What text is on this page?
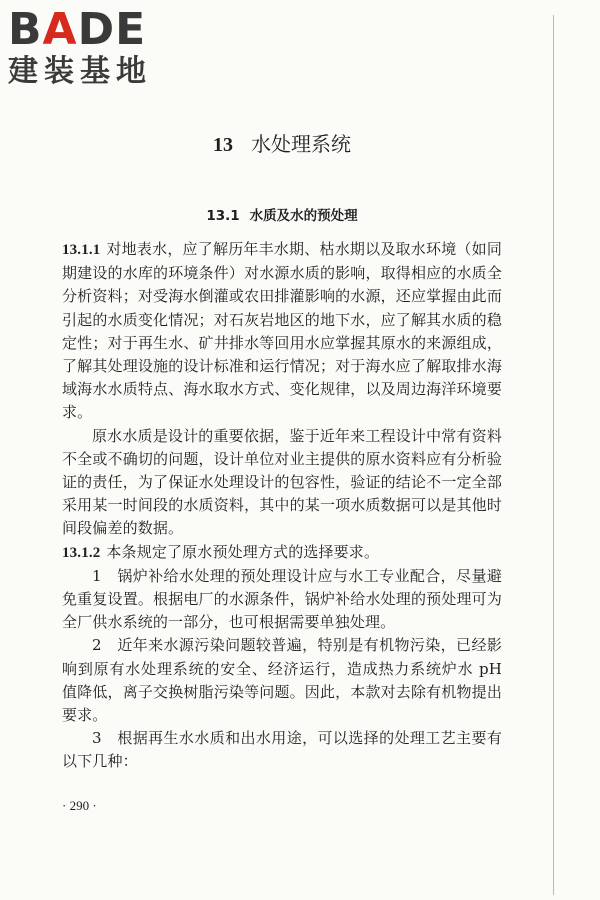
BADE
建装基地
13 水处理系统
13.1 水质及水的预处理

13.1.1 对地表水，应了解历年丰水期、枯水期以及取水环境（如同期建设的水库的环境条件）对水源水质的影响，取得相应的水质全分析资料；对受海水倒灌或农田排灌影响的水源，还应掌握由此而引起的水质变化情况；对石灰岩地区的地下水，应了解其水质的稳定性；对于再生水、矿井排水等回用水应掌握其原水的来源组成，了解其处理设施的设计标准和运行情况；对于海水应了解取排水海域海水水质特点、海水取水方式、变化规律，以及周边海洋环境要求。

原水水质是设计的重要依据，鉴于近年来工程设计中常有资料不全或不确切的问题，设计单位对业主提供的原水资料应有分析验证的责任，为了保证水处理设计的包容性，验证的结论不一定全部采用某一时间段的水质资料，其中的某一项水质数据可以是其他时间段偏差的数据。

13.1.2 本条规定了原水预处理方式的选择要求。

1　锅炉补给水处理的预处理设计应与水工专业配合，尽量避免重复设置。根据电厂的水源条件，锅炉补给水处理的预处理可为全厂供水系统的一部分，也可根据需要单独处理。

2　近年来水源污染问题较普遍，特别是有机物污染，已经影响到原有水处理系统的安全、经济运行，造成热力系统炉水 pH 值降低，离子交换树脂污染等问题。因此，本款对去除有机物提出要求。

3　根据再生水水质和出水用途，可以选择的处理工艺主要有以下几种：

· 290 ·
